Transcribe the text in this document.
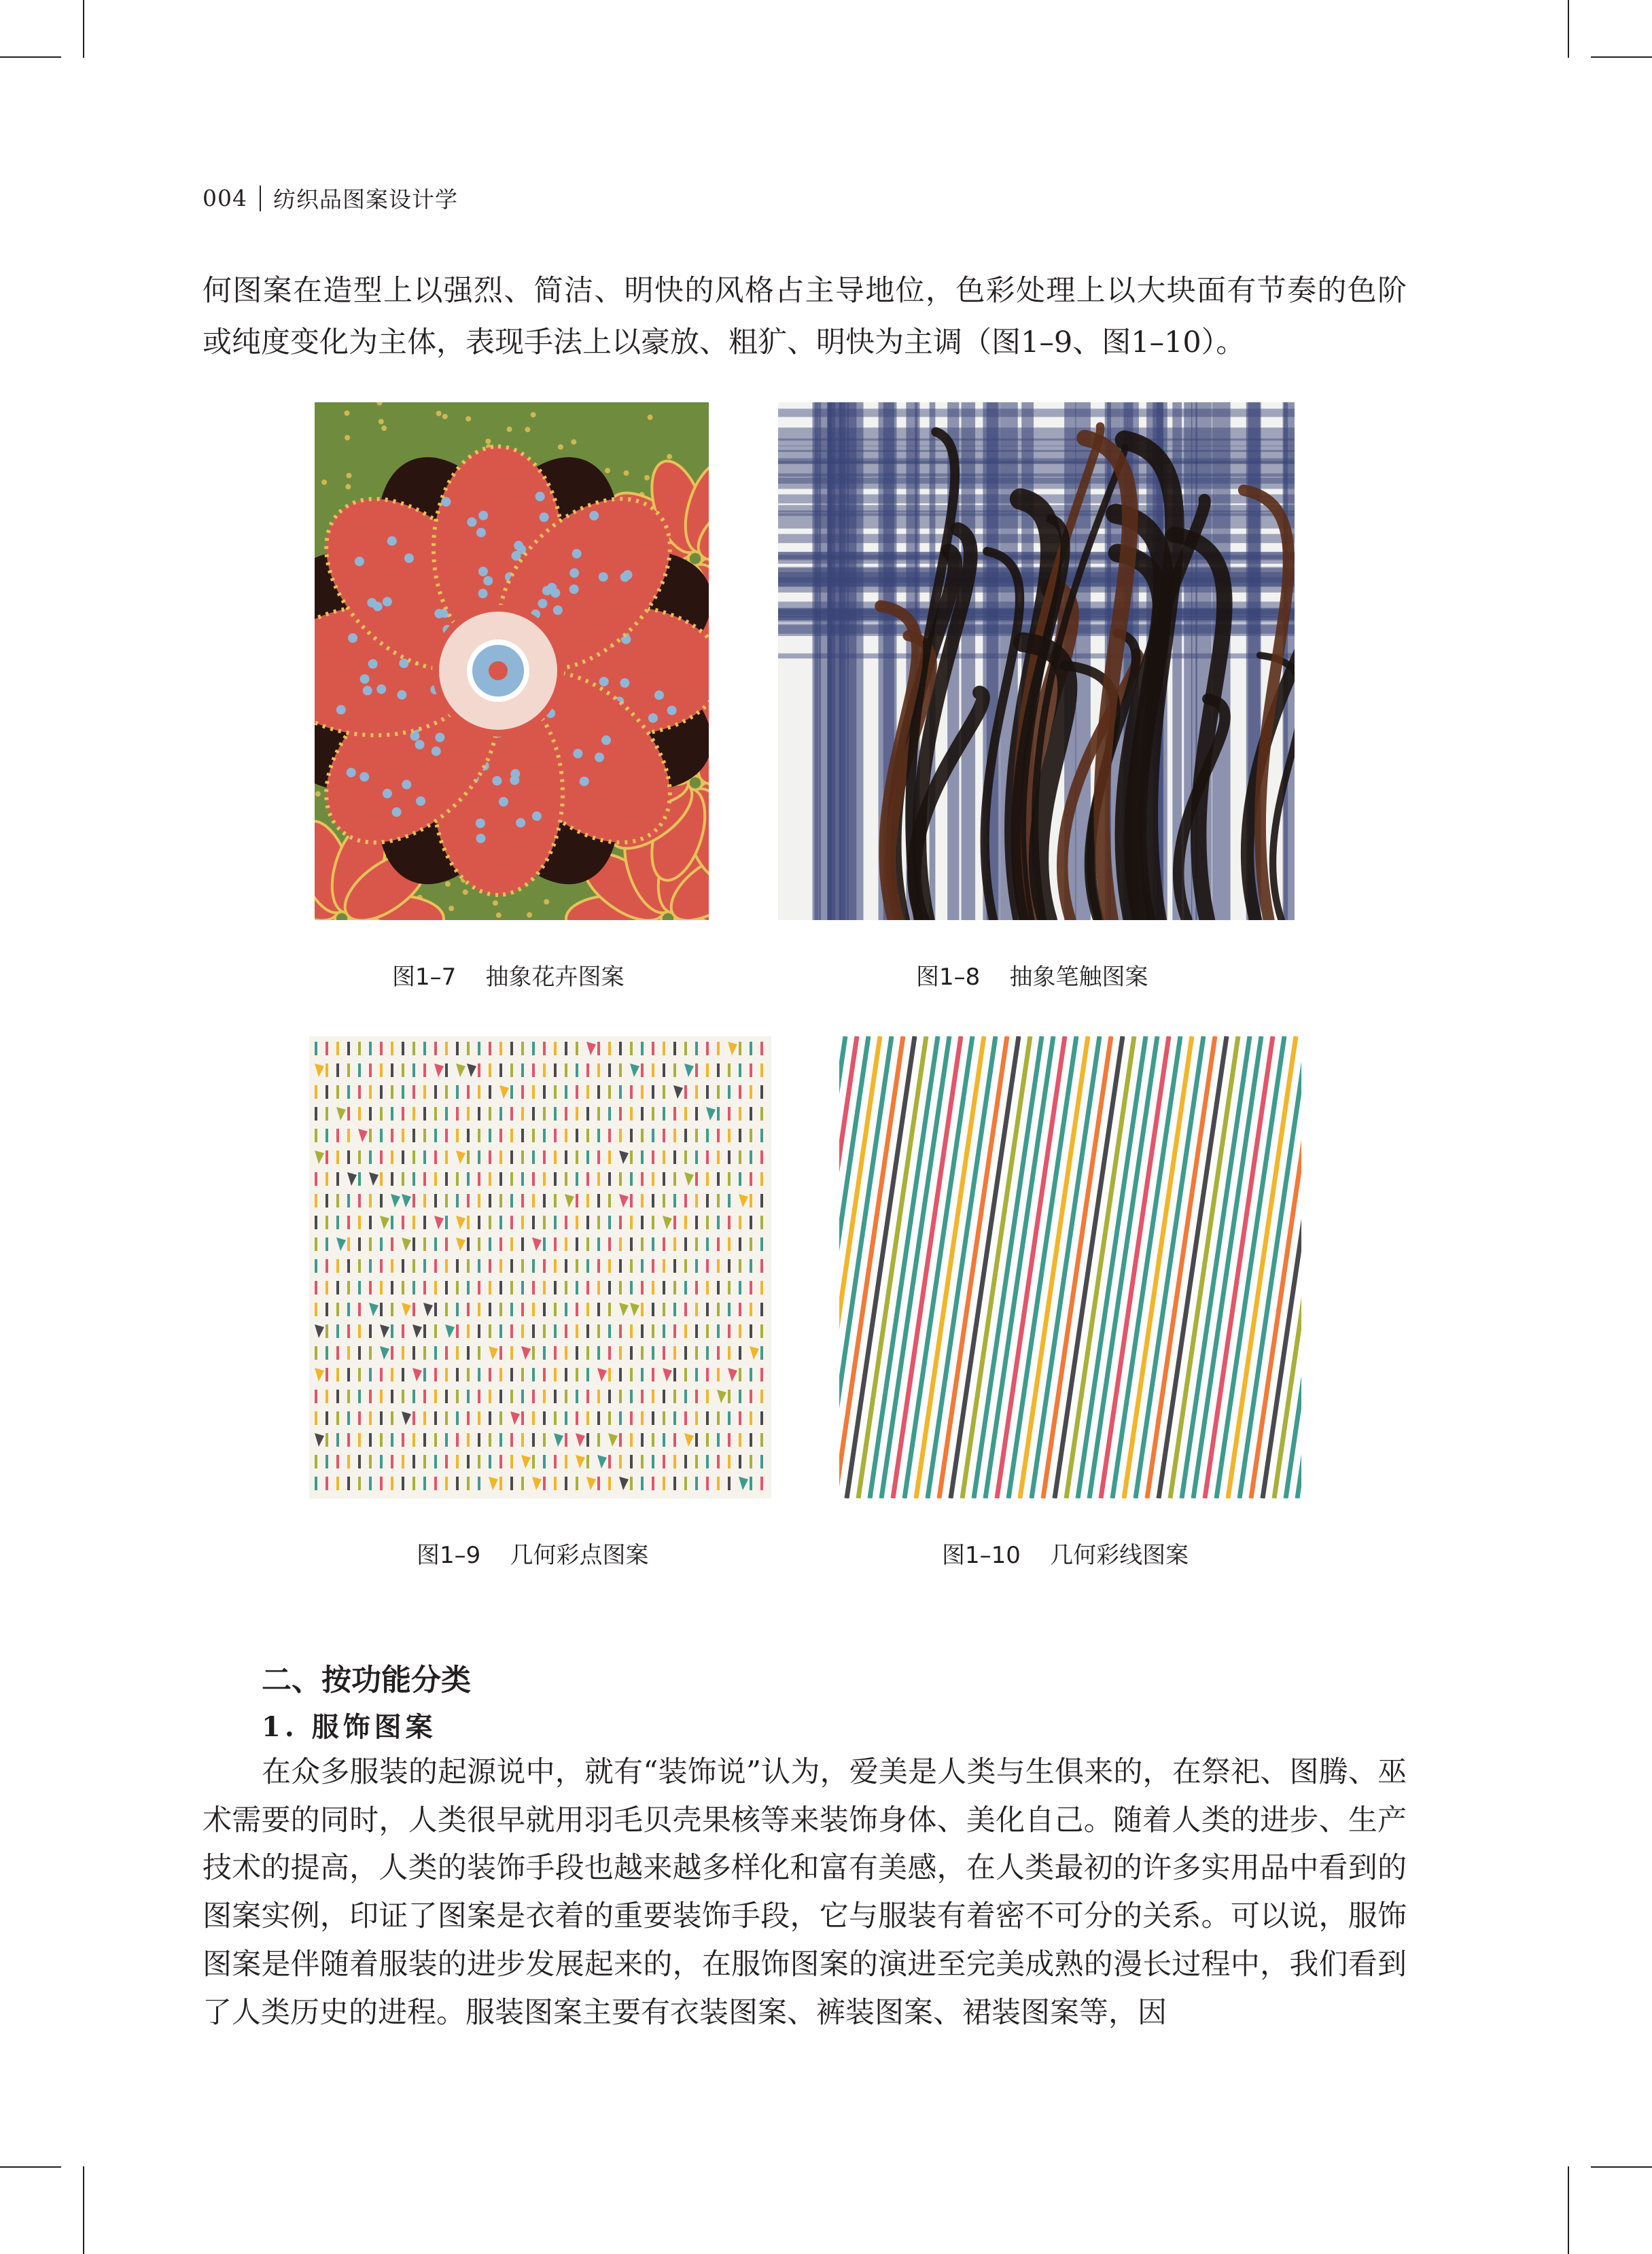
004 纺织品图案设计学
何图案在造型上以强烈、简洁、明快的风格占主导地位，色彩处理上以大块面有节奏的色阶
或纯度变化为主体，表现手法上以豪放、粗犷、明快为主调（图1–9、图1–10）。
图1–7 抽象花卉图案	图1–8 抽象笔触图案
图1–9 几何彩点图案	图1–10 几何彩线图案
二、按功能分类
1. 服饰图案

在众多服装的起源说中，就有“装饰说”认为，爱美是人类与生俱来的，在祭祀、图腾、巫术需要的同时，人类很早就用羽毛贝壳果核等来装饰身体、美化自己。随着人类的进步、生产技术的提高，人类的装饰手段也越来越多样化和富有美感，在人类最初的许多实用品中看到的图案实例，印证了图案是衣着的重要装饰手段，它与服装有着密不可分的关系。可以说，服饰图案是伴随着服装的进步发展起来的，在服饰图案的演进至完美成熟的漫长过程中，我们看到了人类历史的进程。服装图案主要有衣装图案、裤装图案、裙装图案等，因
